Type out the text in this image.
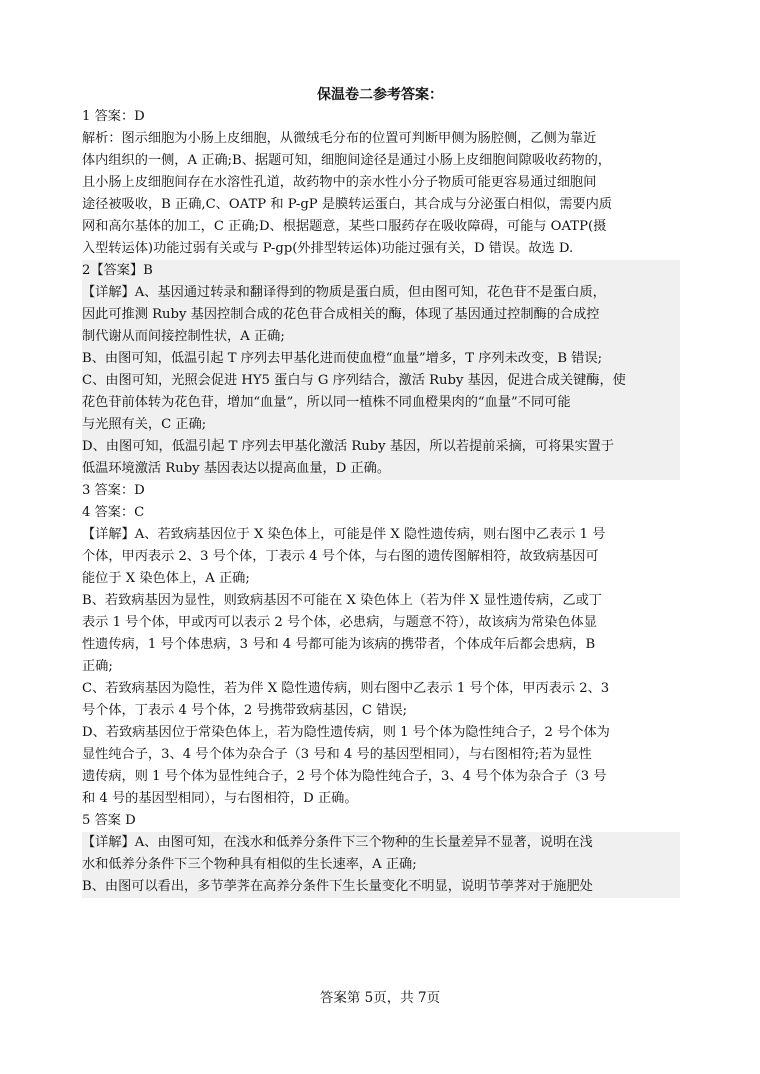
保温卷二参考答案：
1 答案：D
解析：图示细胞为小肠上皮细胞，从微绒毛分布的位置可判断甲侧为肠腔侧，乙侧为靠近
体内组织的一侧，A 正确;B、据题可知，细胞间途径是通过小肠上皮细胞间隙吸收药物的，
且小肠上皮细胞间存在水溶性孔道，故药物中的亲水性小分子物质可能更容易通过细胞间
途径被吸收，B 正确,C、OATP 和 P-gP 是膜转运蛋白，其合成与分泌蛋白相似，需要内质
网和高尔基体的加工，C 正确;D、根据题意，某些口服药存在吸收障碍，可能与 OATP(摄
入型转运体)功能过弱有关或与 P-gp(外排型转运体)功能过强有关，D 错误。故选 D.
2【答案】B
【详解】A、基因通过转录和翻译得到的物质是蛋白质，但由图可知，花色苷不是蛋白质，
因此可推测 Ruby 基因控制合成的花色苷合成相关的酶，体现了基因通过控制酶的合成控
制代谢从而间接控制性状，A 正确;
B、由图可知，低温引起 T 序列去甲基化进而使血橙“血量”增多，T 序列未改变，B 错误;
C、由图可知，光照会促进 HY5 蛋白与 G 序列结合，激活 Ruby 基因，促进合成关键酶，使
花色苷前体转为花色苷，增加“血量”，所以同一植株不同血橙果肉的“血量”不同可能
与光照有关，C 正确;
D、由图可知，低温引起 T 序列去甲基化激活 Ruby 基因，所以若提前采摘，可将果实置于
低温环境激活 Ruby 基因表达以提高血量，D 正确。
3 答案：D
4 答案：C
【详解】A、若致病基因位于 X 染色体上，可能是伴 X 隐性遗传病，则右图中乙表示 1 号
个体，甲丙表示 2、3 号个体，丁表示 4 号个体，与右图的遗传图解相符，故致病基因可
能位于 X 染色体上，A 正确;
B、若致病基因为显性，则致病基因不可能在 X 染色体上（若为伴 X 显性遗传病，乙或丁
表示 1 号个体，甲或丙可以表示 2 号个体，必患病，与题意不符），故该病为常染色体显
性遗传病，1 号个体患病，3 号和 4 号都可能为该病的携带者，个体成年后都会患病，B
正确;
C、若致病基因为隐性，若为伴 X 隐性遗传病，则右图中乙表示 1 号个体，甲丙表示 2、3
号个体，丁表示 4 号个体，2 号携带致病基因，C 错误;
D、若致病基因位于常染色体上，若为隐性遗传病，则 1 号个体为隐性纯合子，2 号个体为
显性纯合子，3、4 号个体为杂合子（3 号和 4 号的基因型相同），与右图相符;若为显性
遗传病，则 1 号个体为显性纯合子，2 号个体为隐性纯合子，3、4 号个体为杂合子（3 号
和 4 号的基因型相同），与右图相符，D 正确。
5 答案 D
【详解】A、由图可知，在浅水和低养分条件下三个物种的生长量差异不显著，说明在浅
水和低养分条件下三个物种具有相似的生长速率，A 正确;
B、由图可以看出，多节荸荠在高养分条件下生长量变化不明显，说明节荸荠对于施肥处
答案第 5页，共 7页
